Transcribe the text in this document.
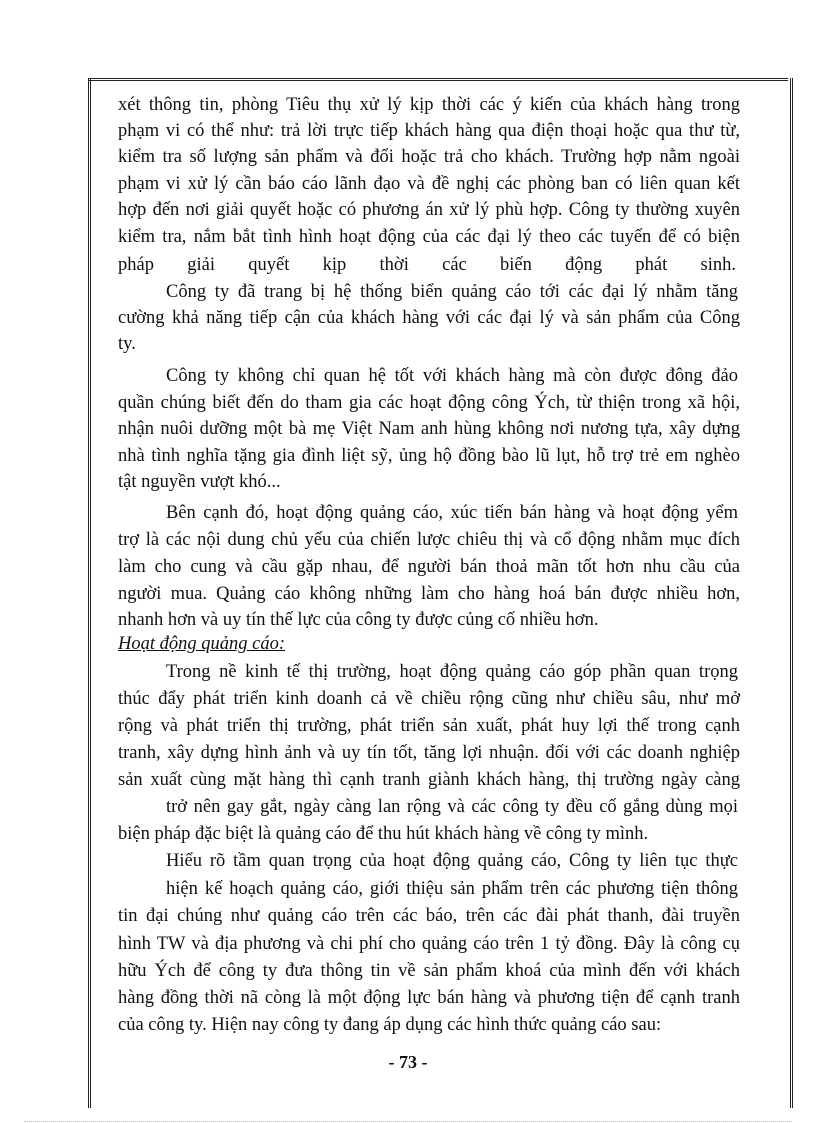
xét thông tin, phòng Tiêu thụ xử lý kịp thời các ý kiến của khách hàng trong
phạm vi có thể như: trả lời trực tiếp khách hàng qua điện thoại hoặc qua thư từ,
kiểm tra số lượng sản phẩm và đổi hoặc trả cho khách. Trường hợp nằm ngoài
phạm vi xử lý cần báo cáo lãnh đạo và đề nghị các phòng ban có liên quan kết
hợp đến nơi giải quyết hoặc có phương án xử lý phù hợp. Công ty thường xuyên
kiểm tra, nắm bắt tình hình hoạt động của các đại lý theo các tuyến để có biện
pháp giải quyết kịp thời các biến động phát sinh.
Công ty đã trang bị hệ thống biển quảng cáo tới các đại lý nhằm tăng
cường khả năng tiếp cận của khách hàng với các đại lý và sản phẩm của Công
ty.
Công ty không chỉ quan hệ tốt với khách hàng mà còn được đông đảo
quần chúng biết đến do tham gia các hoạt động công Ých, từ thiện trong xã hội,
nhận nuôi dưỡng một bà mẹ Việt Nam anh hùng không nơi nương tựa, xây dựng
nhà tình nghĩa tặng gia đình liệt sỹ, ủng hộ đồng bào lũ lụt, hỗ trợ trẻ em nghèo
tật nguyền vượt khó...
Bên cạnh đó, hoạt động quảng cáo, xúc tiến bán hàng và hoạt động yểm
trợ là các nội dung chủ yếu của chiến lược chiêu thị và cổ động nhằm mục đích
làm cho cung và cầu gặp nhau, để người bán thoả mãn tốt hơn nhu cầu của
người mua. Quảng cáo không những làm cho hàng hoá bán được nhiều hơn,
nhanh hơn và uy tín thế lực của công ty được củng cố nhiều hơn.
Hoạt động quảng cáo:
Trong nề kinh tế thị trường, hoạt động quảng cáo góp phần quan trọng
thúc đẩy phát triển kinh doanh cả về chiều rộng cũng như chiều sâu, như mở
rộng và phát triển thị trường, phát triển sản xuất, phát huy lợi thế trong cạnh
tranh, xây dựng hình ảnh và uy tín tốt, tăng lợi nhuận. đối với các doanh nghiệp
sản xuất cùng mặt hàng thì cạnh tranh giành khách hàng, thị trường ngày càng
trở nên gay gắt, ngày càng lan rộng và các công ty đều cố gắng dùng mọi
biện pháp đặc biệt là quảng cáo để thu hút khách hàng về công ty mình.
Hiểu rõ tầm quan trọng của hoạt động quảng cáo, Công ty liên tục thực
hiện kế hoạch quảng cáo, giới thiệu sản phẩm trên các phương tiện thông
tin đại chúng như quảng cáo trên các báo, trên các đài phát thanh, đài truyền
hình TW và địa phương và chi phí cho quảng cáo trên 1 tỷ đồng. Đây là công cụ
hữu Ých để công ty đưa thông tin về sản phẩm khoá của mình đến với khách
hàng đồng thời nã còng là một động lực bán hàng và phương tiện để cạnh tranh
của công ty. Hiện nay công ty đang áp dụng các hình thức quảng cáo sau:
- 73 -
